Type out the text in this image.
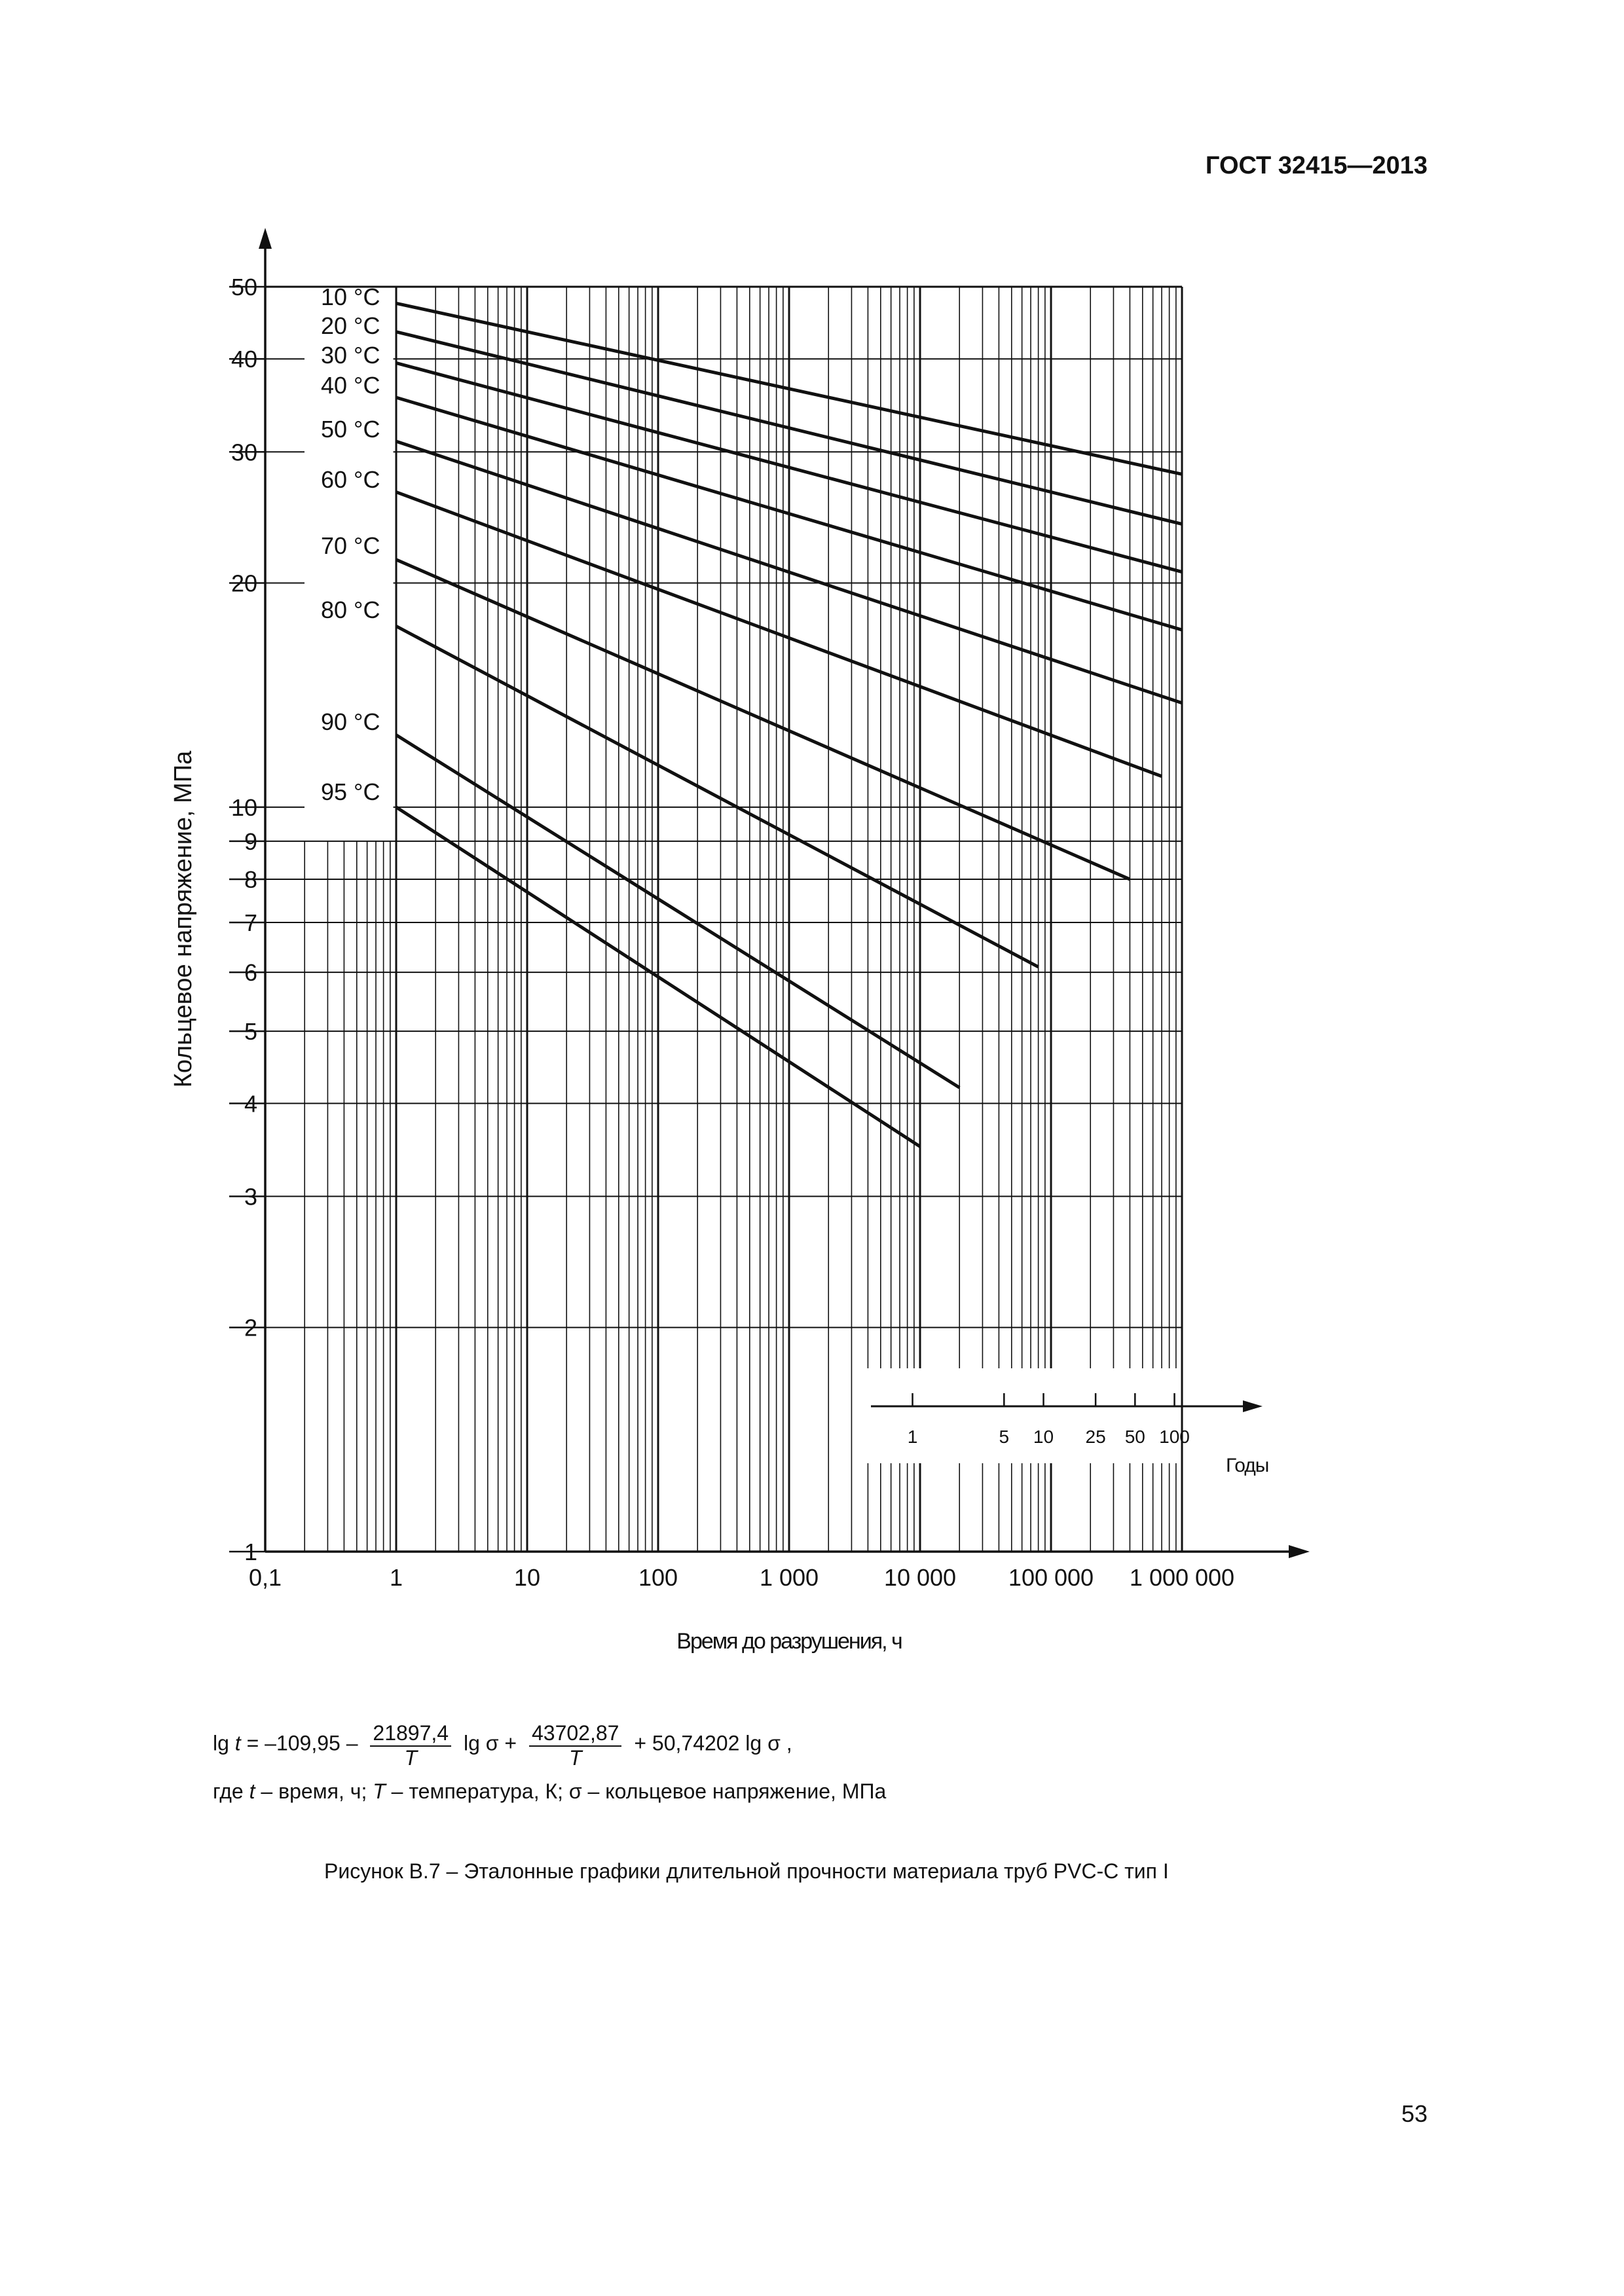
ГОСТ 32415—2013
1
2
3
4
5
6
7
8
9
10
20
30
40
50
0,1	1	10	100	1 000	10 000 100 000 1 000 000
Время до разрушения, ч
Кольцевое напряжение, МПа
1	5 10 25 50 100
Годы
10 °C
20 °C
30 °C
40 °C
50 °C
60 °C
70 °C
80 °C
90 °C
95 °C
$\lg t = -109,95 - \frac{21897,4}{T}$ $\lg \sigma + \frac{43702,87}{T} + 50,74202$ lg σ ,
где t – время, ч; T – температура, К; σ – кольцевое напряжение, МПа
Рисунок В.7 – Эталонные графики длительной прочности материала труб PVC-C тип I
53
